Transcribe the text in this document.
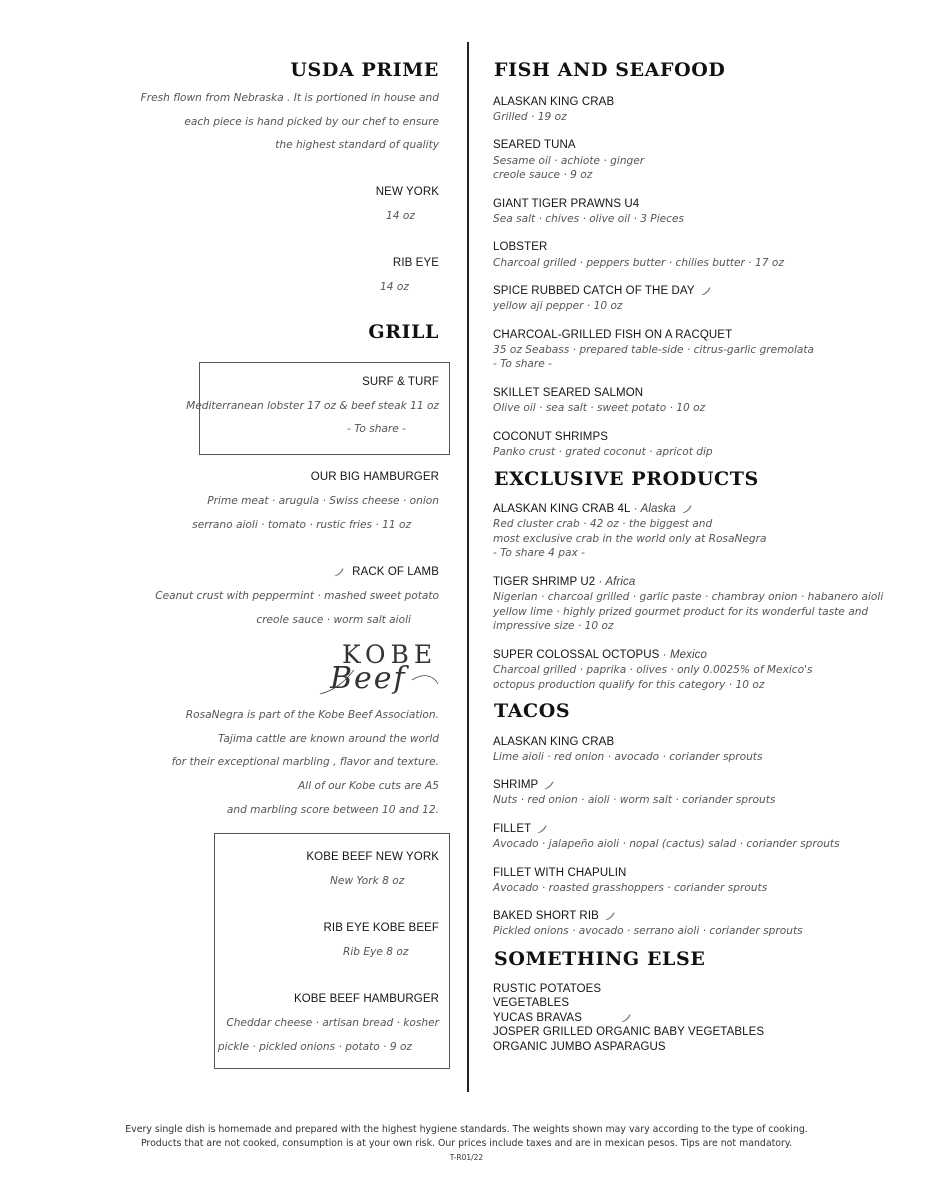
USDA PRIME
Fresh flown from Nebraska . It is portioned in house and
each piece is hand picked by our chef to ensure
the highest standard of quality
NEW YORK
14 oz
RIB EYE
14 oz
GRILL
SURF & TURF
Mediterranean lobster 17 oz & beef steak 11 oz
- To share -
OUR BIG HAMBURGER
Prime meat · arugula · Swiss cheese · onion
serrano aioli · tomato · rustic fries · 11 oz
RACK OF LAMB
Ceanut crust with peppermint · mashed sweet potato
creole sauce · worm salt aioli
KOBE
Beef
RosaNegra is part of the Kobe Beef Association.
Tajima cattle are known around the world
for their exceptional marbling , flavor and texture.
All of our Kobe cuts are A5
and marbling score between 10 and 12.
KOBE BEEF NEW YORK
New York 8 oz
RIB EYE KOBE BEEF
Rib Eye 8 oz
KOBE BEEF HAMBURGER
Cheddar cheese · artisan bread · kosher
pickle · pickled onions · potato · 9 oz
FISH AND SEAFOOD
ALASKAN KING CRAB
Grilled · 19 oz
SEARED TUNA
Sesame oil · achiote · ginger
creole sauce · 9 oz
GIANT TIGER PRAWNS U4
Sea salt · chives · olive oil · 3 Pieces
LOBSTER
Charcoal grilled · peppers butter · chilies butter · 17 oz
SPICE RUBBED CATCH OF THE DAY
yellow aji pepper · 10 oz
CHARCOAL-GRILLED FISH ON A RACQUET
35 oz Seabass · prepared table-side · citrus-garlic gremolata
- To share -
SKILLET SEARED SALMON
Olive oil · sea salt · sweet potato · 10 oz
COCONUT SHRIMPS
Panko crust · grated coconut · apricot dip
EXCLUSIVE PRODUCTS
ALASKAN KING CRAB 4L · Alaska
Red cluster crab · 42 oz · the biggest and
most exclusive crab in the world only at RosaNegra
- To share 4 pax -
TIGER SHRIMP U2 · Africa
Nigerian · charcoal grilled · garlic paste · chambray onion · habanero aioli
yellow lime · highly prized gourmet product for its wonderful taste and
impressive size · 10 oz
SUPER COLOSSAL OCTOPUS · Mexico
Charcoal grilled · paprika · olives · only 0.0025% of Mexico's
octopus production qualify for this category · 10 oz
TACOS
ALASKAN KING CRAB
Lime aioli · red onion · avocado · coriander sprouts
SHRIMP
Nuts · red onion · aioli · worm salt · coriander sprouts
FILLET
Avocado · jalapeño aioli · nopal (cactus) salad · coriander sprouts
FILLET WITH CHAPULIN
Avocado · roasted grasshoppers · coriander sprouts
BAKED SHORT RIB
Pickled onions · avocado · serrano aioli · coriander sprouts
SOMETHING ELSE
RUSTIC POTATOES
VEGETABLES
YUCAS BRAVAS
JOSPER GRILLED ORGANIC BABY VEGETABLES
ORGANIC JUMBO ASPARAGUS
Every single dish is homemade and prepared with the highest hygiene standards. The weights shown may vary according to the type of cooking.
Products that are not cooked, consumption is at your own risk. Our prices include taxes and are in mexican pesos. Tips are not mandatory.
T-R01/22
